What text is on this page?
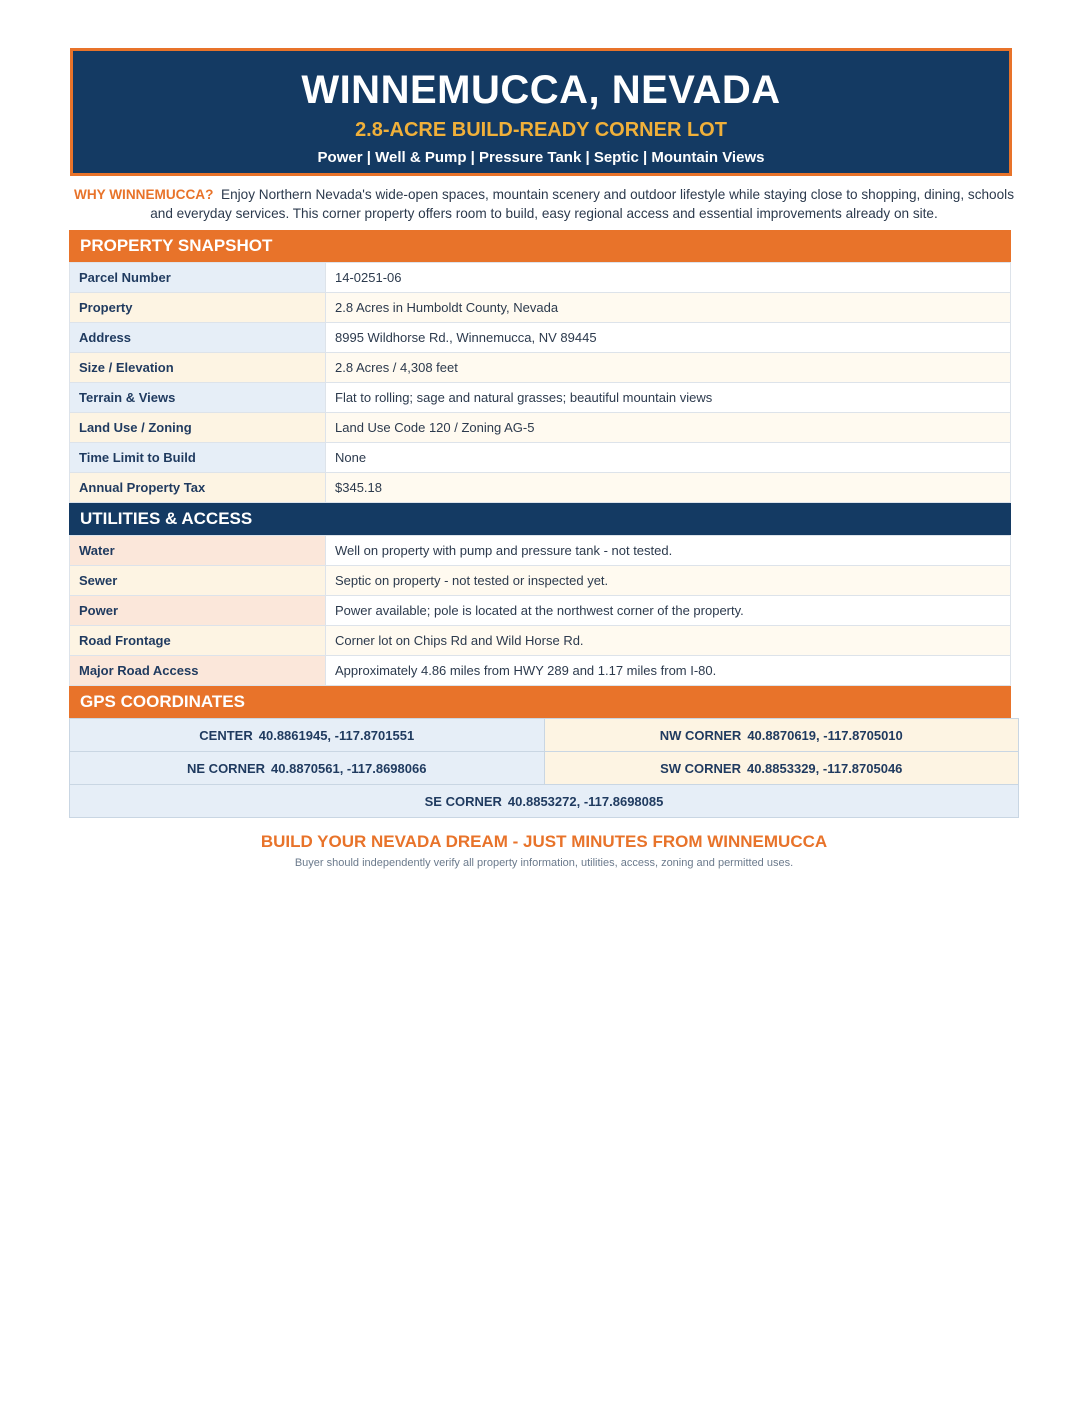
WINNEMUCCA, NEVADA
2.8-ACRE BUILD-READY CORNER LOT
Power | Well & Pump | Pressure Tank | Septic | Mountain Views
WHY WINNEMUCCA? Enjoy Northern Nevada's wide-open spaces, mountain scenery and outdoor lifestyle while staying close to shopping, dining, schools and everyday services. This corner property offers room to build, easy regional access and essential improvements already on site.
PROPERTY SNAPSHOT
Parcel Number	14-0251-06
Property	2.8 Acres in Humboldt County, Nevada
Address	8995 Wildhorse Rd., Winnemucca, NV 89445
Size / Elevation	2.8 Acres / 4,308 feet
Terrain & Views	Flat to rolling; sage and natural grasses; beautiful mountain views
Land Use / Zoning	Land Use Code 120 / Zoning AG-5
Time Limit to Build	None
Annual Property Tax	$345.18
UTILITIES & ACCESS
Water	Well on property with pump and pressure tank - not tested.
Sewer	Septic on property - not tested or inspected yet.
Power	Power available; pole is located at the northwest corner of the property.
Road Frontage	Corner lot on Chips Rd and Wild Horse Rd.
Major Road Access	Approximately 4.86 miles from HWY 289 and 1.17 miles from I-80.
GPS COORDINATES
CENTER 40.8861945, -117.8701551	NW CORNER 40.8870619, -117.8705010
NE CORNER 40.8870561, -117.8698066	SW CORNER 40.8853329, -117.8705046
SE CORNER 40.8853272, -117.8698085	
BUILD YOUR NEVADA DREAM - JUST MINUTES FROM WINNEMUCCA
Buyer should independently verify all property information, utilities, access, zoning and permitted uses.
